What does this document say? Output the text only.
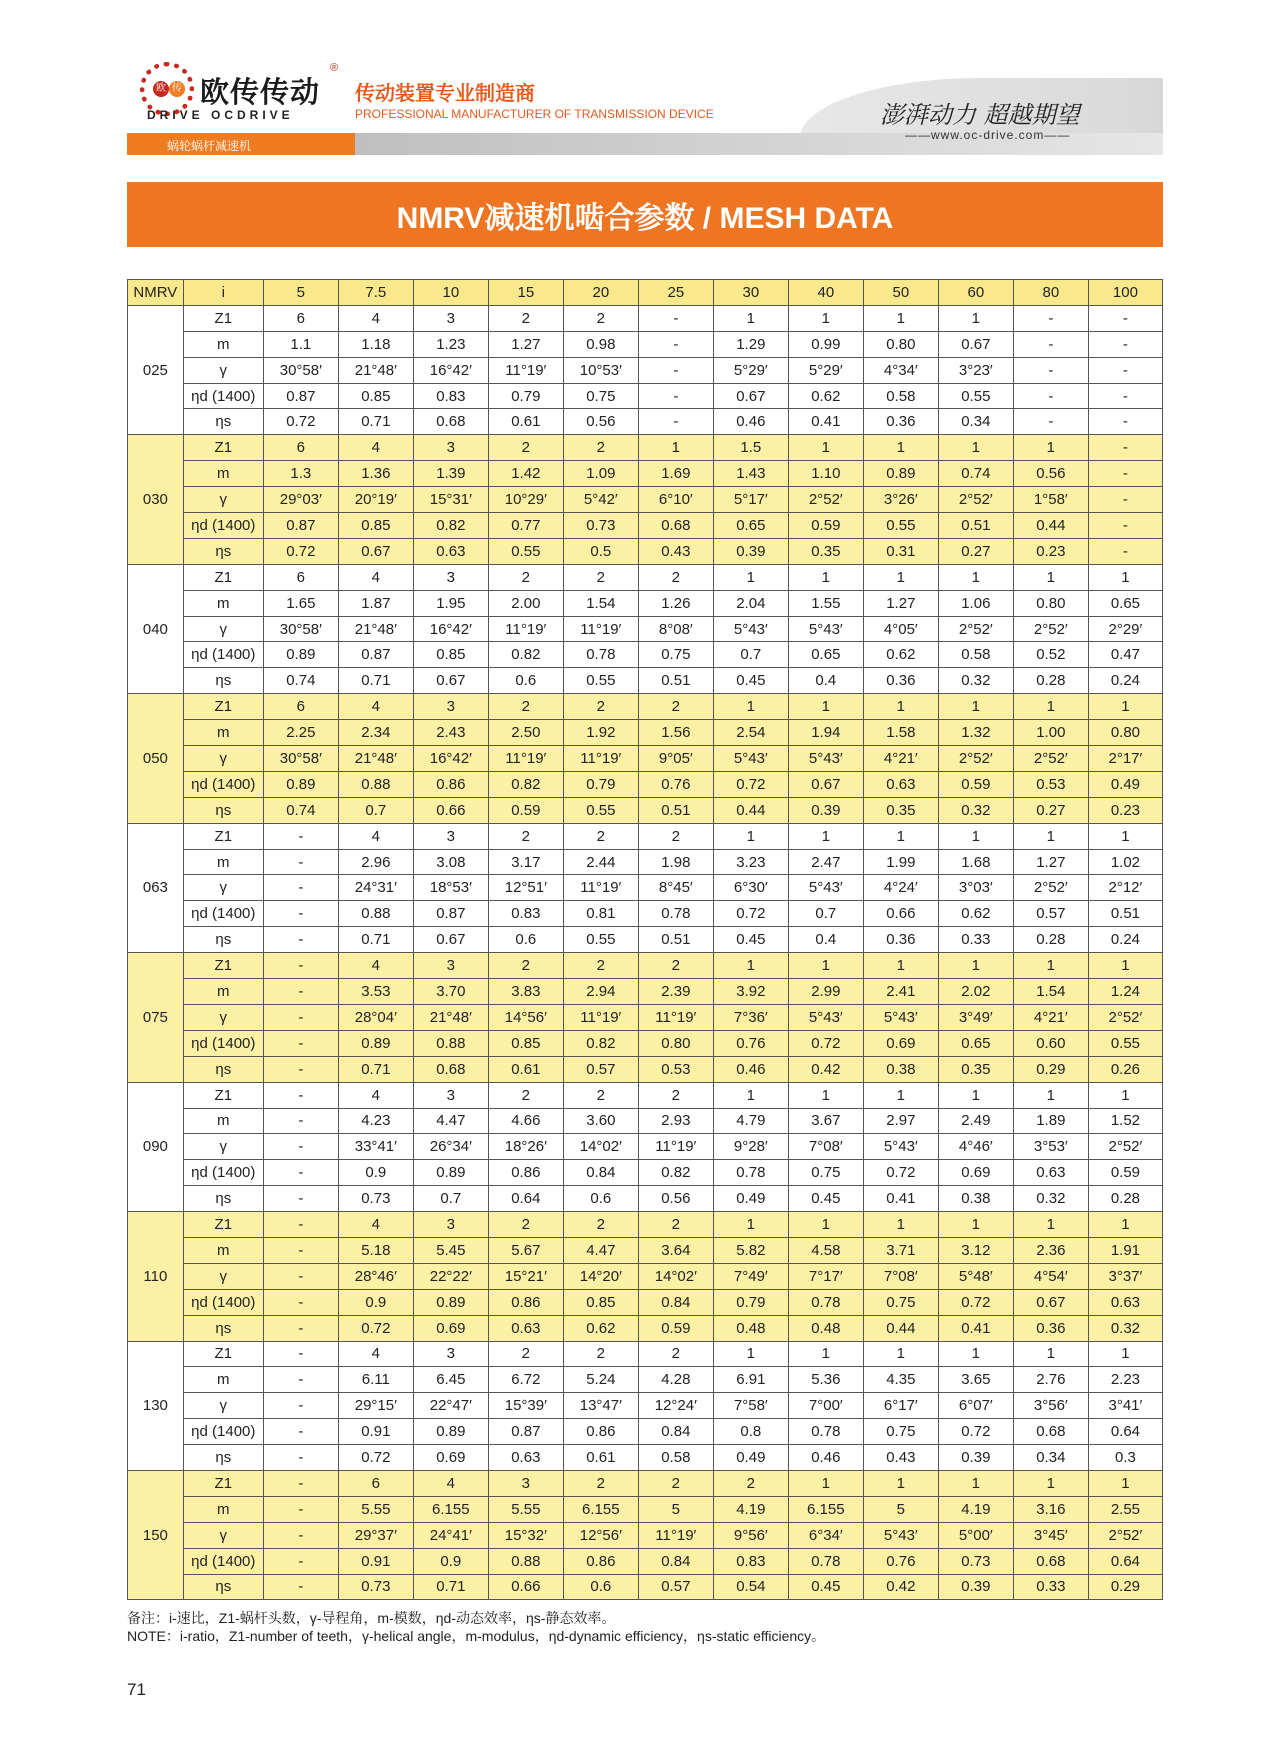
欧 传 欧传传动
®
DRIVE OCDRIVE
传动装置专业制造商
PROFESSIONAL MANUFACTURER OF TRANSMISSION DEVICE
蜗轮蜗杆减速机
澎湃动力 超越期望
——www.oc-drive.com——
NMRV减速机啮合参数 / MESH DATA
NMRV	i	5	7.5	10	15	20	25	30	40	50	60	80	100
025	Z1	6	4	3	2	2	-	1	1	1	1	-	-
	m	1.1	1.18	1.23	1.27	0.98	-	1.29	0.99	0.80	0.67	-	-
	γ	30°58′	21°48′	16°42′	11°19′	10°53′	-	5°29′	5°29′	4°34′	3°23′	-	-
	ηd (1400)	0.87	0.85	0.83	0.79	0.75	-	0.67	0.62	0.58	0.55	-	-
	ηs	0.72	0.71	0.68	0.61	0.56	-	0.46	0.41	0.36	0.34	-	-
030	Z1	6	4	3	2	2	1	1.5	1	1	1	1	-
	m	1.3	1.36	1.39	1.42	1.09	1.69	1.43	1.10	0.89	0.74	0.56	-
	γ	29°03′	20°19′	15°31′	10°29′	5°42′	6°10′	5°17′	2°52′	3°26′	2°52′	1°58′	-
	ηd (1400)	0.87	0.85	0.82	0.77	0.73	0.68	0.65	0.59	0.55	0.51	0.44	-
	ηs	0.72	0.67	0.63	0.55	0.5	0.43	0.39	0.35	0.31	0.27	0.23	-
040	Z1	6	4	3	2	2	2	1	1	1	1	1	1
	m	1.65	1.87	1.95	2.00	1.54	1.26	2.04	1.55	1.27	1.06	0.80	0.65
	γ	30°58′	21°48′	16°42′	11°19′	11°19′	8°08′	5°43′	5°43′	4°05′	2°52′	2°52′	2°29′
	ηd (1400)	0.89	0.87	0.85	0.82	0.78	0.75	0.7	0.65	0.62	0.58	0.52	0.47
	ηs	0.74	0.71	0.67	0.6	0.55	0.51	0.45	0.4	0.36	0.32	0.28	0.24
050	Z1	6	4	3	2	2	2	1	1	1	1	1	1
	m	2.25	2.34	2.43	2.50	1.92	1.56	2.54	1.94	1.58	1.32	1.00	0.80
	γ	30°58′	21°48′	16°42′	11°19′	11°19′	9°05′	5°43′	5°43′	4°21′	2°52′	2°52′	2°17′
	ηd (1400)	0.89	0.88	0.86	0.82	0.79	0.76	0.72	0.67	0.63	0.59	0.53	0.49
	ηs	0.74	0.7	0.66	0.59	0.55	0.51	0.44	0.39	0.35	0.32	0.27	0.23
063	Z1	-	4	3	2	2	2	1	1	1	1	1	1
	m	-	2.96	3.08	3.17	2.44	1.98	3.23	2.47	1.99	1.68	1.27	1.02
	γ	-	24°31′	18°53′	12°51′	11°19′	8°45′	6°30′	5°43′	4°24′	3°03′	2°52′	2°12′
	ηd (1400)	-	0.88	0.87	0.83	0.81	0.78	0.72	0.7	0.66	0.62	0.57	0.51
	ηs	-	0.71	0.67	0.6	0.55	0.51	0.45	0.4	0.36	0.33	0.28	0.24
075	Z1	-	4	3	2	2	2	1	1	1	1	1	1
	m	-	3.53	3.70	3.83	2.94	2.39	3.92	2.99	2.41	2.02	1.54	1.24
	γ	-	28°04′	21°48′	14°56′	11°19′	11°19′	7°36′	5°43′	5°43′	3°49′	4°21′	2°52′
	ηd (1400)	-	0.89	0.88	0.85	0.82	0.80	0.76	0.72	0.69	0.65	0.60	0.55
	ηs	-	0.71	0.68	0.61	0.57	0.53	0.46	0.42	0.38	0.35	0.29	0.26
090	Z1	-	4	3	2	2	2	1	1	1	1	1	1
	m	-	4.23	4.47	4.66	3.60	2.93	4.79	3.67	2.97	2.49	1.89	1.52
	γ	-	33°41′	26°34′	18°26′	14°02′	11°19′	9°28′	7°08′	5°43′	4°46′	3°53′	2°52′
	ηd (1400)	-	0.9	0.89	0.86	0.84	0.82	0.78	0.75	0.72	0.69	0.63	0.59
	ηs	-	0.73	0.7	0.64	0.6	0.56	0.49	0.45	0.41	0.38	0.32	0.28
110	Z1	-	4	3	2	2	2	1	1	1	1	1	1
	m	-	5.18	5.45	5.67	4.47	3.64	5.82	4.58	3.71	3.12	2.36	1.91
	γ	-	28°46′	22°22′	15°21′	14°20′	14°02′	7°49′	7°17′	7°08′	5°48′	4°54′	3°37′
	ηd (1400)	-	0.9	0.89	0.86	0.85	0.84	0.79	0.78	0.75	0.72	0.67	0.63
	ηs	-	0.72	0.69	0.63	0.62	0.59	0.48	0.48	0.44	0.41	0.36	0.32
130	Z1	-	4	3	2	2	2	1	1	1	1	1	1
	m	-	6.11	6.45	6.72	5.24	4.28	6.91	5.36	4.35	3.65	2.76	2.23
	γ	-	29°15′	22°47′	15°39′	13°47′	12°24′	7°58′	7°00′	6°17′	6°07′	3°56′	3°41′
	ηd (1400)	-	0.91	0.89	0.87	0.86	0.84	0.8	0.78	0.75	0.72	0.68	0.64
	ηs	-	0.72	0.69	0.63	0.61	0.58	0.49	0.46	0.43	0.39	0.34	0.3
150	Z1	-	6	4	3	2	2	2	1	1	1	1	1
	m	-	5.55	6.155	5.55	6.155	5	4.19	6.155	5	4.19	3.16	2.55
	γ	-	29°37′	24°41′	15°32′	12°56′	11°19′	9°56′	6°34′	5°43′	5°00′	3°45′	2°52′
	ηd (1400)	-	0.91	0.9	0.88	0.86	0.84	0.83	0.78	0.76	0.73	0.68	0.64
	ηs	-	0.73	0.71	0.66	0.6	0.57	0.54	0.45	0.42	0.39	0.33	0.29
备注：i-速比，Z1-蜗杆头数，γ-导程角，m-模数，ηd-动态效率，ηs-静态效率。
NOTE：i-ratio，Z1-number of teeth，γ-helical angle，m-modulus，ηd-dynamic efficiency，ηs-static efficiency。
71
